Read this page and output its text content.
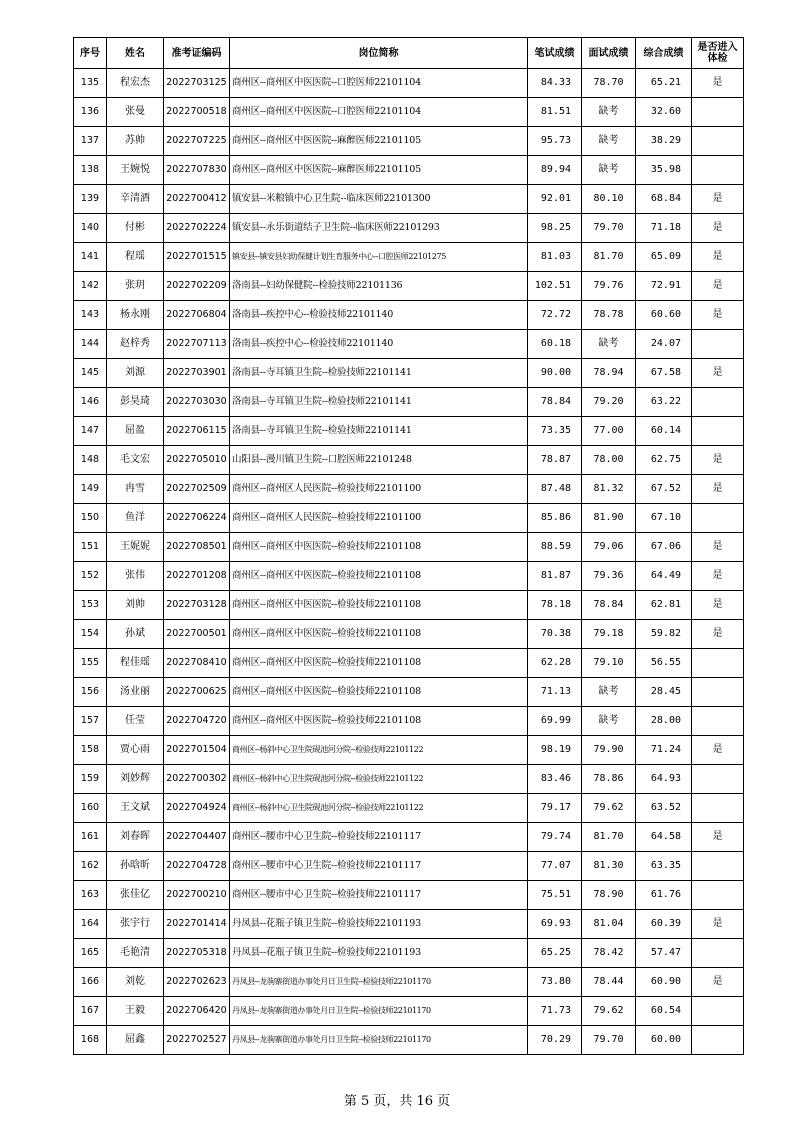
序号	姓名	准考证编码	岗位简称	笔试成绩	面试成绩	综合成绩	是否进入体检

135	程宏杰	2022703125	商州区--商州区中医医院--口腔医师22101104	84.33	78.70	65.21	是
136	张曼	2022700518	商州区--商州区中医医院--口腔医师22101104	81.51	缺考	32.60	
137	苏帅	2022707225	商州区--商州区中医医院--麻醉医师22101105	95.73	缺考	38.29	
138	王婉悦	2022707830	商州区--商州区中医医院--麻醉医师22101105	89.94	缺考	35.98	
139	辛清酒	2022700412	镇安县--米粮镇中心卫生院--临床医师22101300	92.01	80.10	68.84	是
140	付彬	2022702224	镇安县--永乐街道结子卫生院--临床医师22101293	98.25	79.70	71.18	是
141	程瑶	2022701515	镇安县--镇安县妇幼保健计划生育服务中心--口腔医师22101275	81.03	81.70	65.09	是
142	张玥	2022702209	洛南县--妇幼保健院--检验技师22101136	102.51	79.76	72.91	是
143	杨永刚	2022706804	洛南县--疾控中心--检验技师22101140	72.72	78.78	60.60	是
144	赵梓秀	2022707113	洛南县--疾控中心--检验技师22101140	60.18	缺考	24.07	
145	刘源	2022703901	洛南县--寺耳镇卫生院--检验技师22101141	90.00	78.94	67.58	是
146	彭昊琦	2022703030	洛南县--寺耳镇卫生院--检验技师22101141	78.84	79.20	63.22	
147	屈盈	2022706115	洛南县--寺耳镇卫生院--检验技师22101141	73.35	77.00	60.14	
148	毛文宏	2022705010	山阳县--漫川镇卫生院--口腔医师22101248	78.87	78.00	62.75	是
149	冉雪	2022702509	商州区--商州区人民医院--检验技师22101100	87.48	81.32	67.52	是
150	鱼洋	2022706224	商州区--商州区人民医院--检验技师22101100	85.86	81.90	67.10	
151	王妮妮	2022708501	商州区--商州区中医医院--检验技师22101108	88.59	79.06	67.06	是
152	张伟	2022701208	商州区--商州区中医医院--检验技师22101108	81.87	79.36	64.49	是
153	刘帅	2022703128	商州区--商州区中医医院--检验技师22101108	78.18	78.84	62.81	是
154	孙斌	2022700501	商州区--商州区中医医院--检验技师22101108	70.38	79.18	59.82	是
155	程佳瑶	2022708410	商州区--商州区中医医院--检验技师22101108	62.28	79.10	56.55	
156	汤业丽	2022700625	商州区--商州区中医医院--检验技师22101108	71.13	缺考	28.45	
157	任莹	2022704720	商州区--商州区中医医院--检验技师22101108	69.99	缺考	28.00	
158	贾心雨	2022701504	商州区--杨斜中心卫生院砚池河分院--检验技师22101122	98.19	79.90	71.24	是
159	刘妙辉	2022700302	商州区--杨斜中心卫生院砚池河分院--检验技师22101122	83.46	78.86	64.93	
160	王文斌	2022704924	商州区--杨斜中心卫生院砚池河分院--检验技师22101122	79.17	79.62	63.52	
161	刘春晖	2022704407	商州区--腰市中心卫生院--检验技师22101117	79.74	81.70	64.58	是
162	孙晗昕	2022704728	商州区--腰市中心卫生院--检验技师22101117	77.07	81.30	63.35	
163	张佳亿	2022700210	商州区--腰市中心卫生院--检验技师22101117	75.51	78.90	61.76	
164	张宇行	2022701414	丹凤县--花瓶子镇卫生院--检验技师22101193	69.93	81.04	60.39	是
165	毛艳清	2022705318	丹凤县--花瓶子镇卫生院--检验技师22101193	65.25	78.42	57.47	
166	刘乾	2022702623	丹凤县--龙驹寨街道办事处月日卫生院--检验技师22101170	73.80	78.44	60.90	是
167	王毅	2022706420	丹凤县--龙驹寨街道办事处月日卫生院--检验技师22101170	71.73	79.62	60.54	
168	屈鑫	2022702527	丹凤县--龙驹寨街道办事处月日卫生院--检验技师22101170	70.29	79.70	60.00	
第 5 页，共 16 页
